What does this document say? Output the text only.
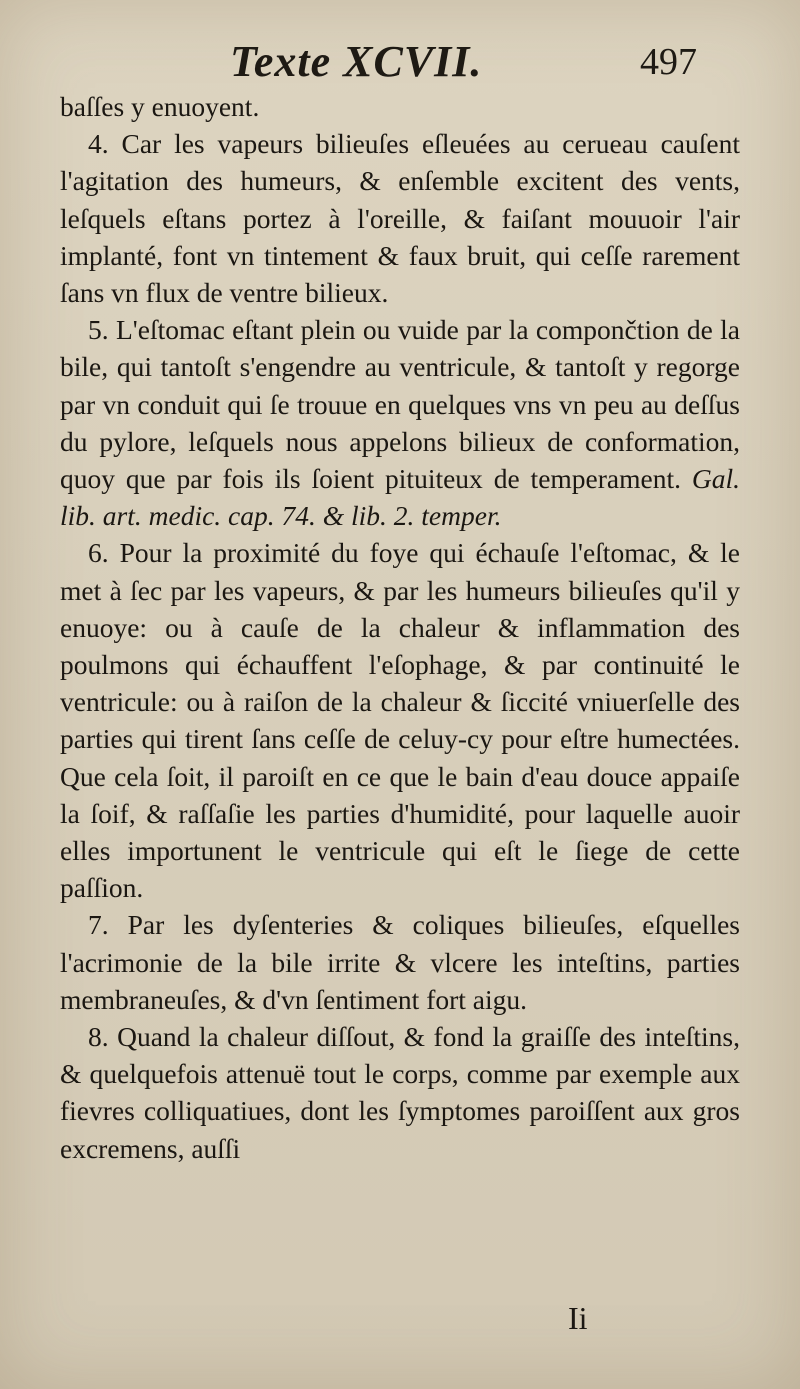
Texte XCVII.	497

baſſes y enuoyent.

4. Car les vapeurs bilieuſes eſleuées au cerueau cauſent l'agitation des humeurs, & enſemble excitent des vents, leſquels eſtans portez à l'oreille, & faiſant mouuoir l'air implanté, font vn tintement & faux bruit, qui ceſſe rarement ſans vn flux de ventre bilieux.

5. L'eſtomac eſtant plein ou vuide par la compončtion de la bile, qui tantoſt s'engendre au ventricule, & tantoſt y regorge par vn conduit qui ſe trouue en quelques vns vn peu au deſſus du pylore, leſquels nous appelons bilieux de conformation, quoy que par fois ils ſoient pituiteux de temperament. Gal. lib. art. medic. cap. 74. & lib. 2. temper.

6. Pour la proximité du foye qui échauſe l'eſtomac, & le met à ſec par les vapeurs, & par les humeurs bilieuſes qu'il y enuoye: ou à cauſe de la chaleur & inflammation des poulmons qui échauffent l'eſophage, & par continuité le ventricule: ou à raiſon de la chaleur & ſiccité vniuerſelle des parties qui tirent ſans ceſſe de celuy-cy pour eſtre humectées. Que cela ſoit, il paroiſt en ce que le bain d'eau douce appaiſe la ſoif, & raſſaſie les parties d'humidité, pour laquelle auoir elles importunent le ventricule qui eſt le ſiege de cette paſſion.

7. Par les dyſenteries & coliques bilieuſes, eſquelles l'acrimonie de la bile irrite & vlcere les inteſtins, parties membraneuſes, & d'vn ſentiment fort aigu.

8. Quand la chaleur diſſout, & fond la graiſſe des inteſtins, & quelquefois attenuë tout le corps, comme par exemple aux fievres colliquatiues, dont les ſymptomes paroiſſent aux gros excremens, auſſi

Ii
